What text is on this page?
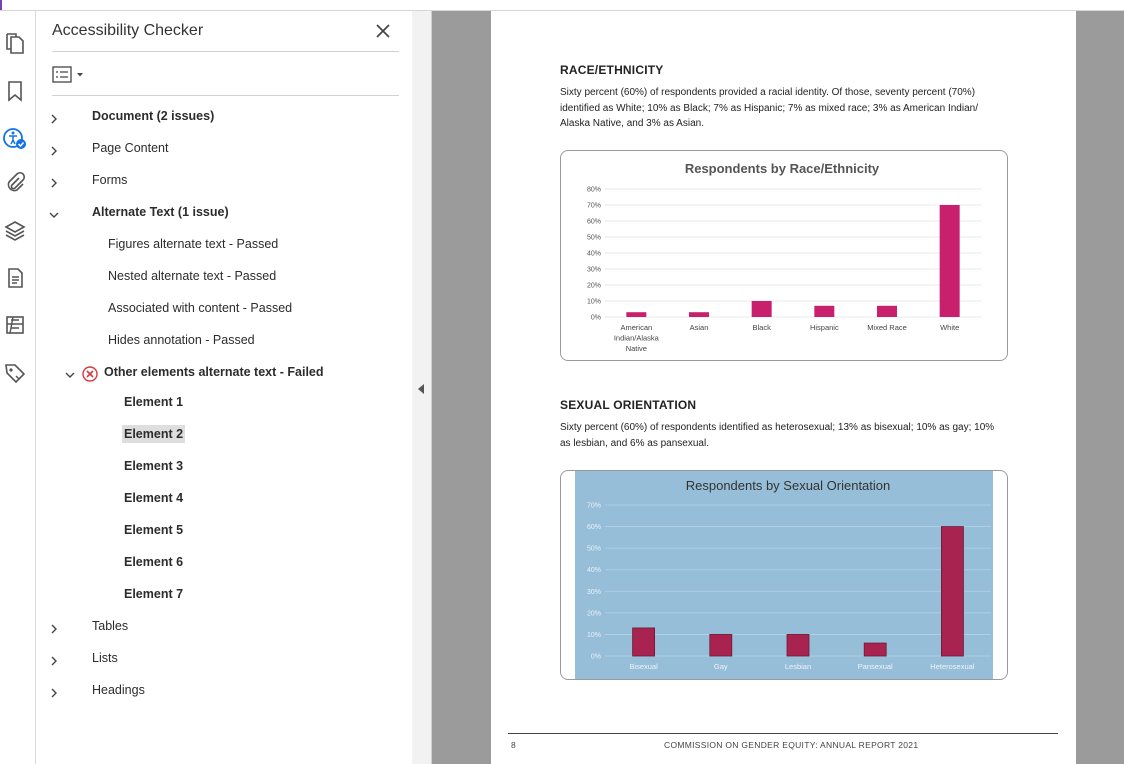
Accessibility Checker
Document (2 issues)
Page Content
Forms
Alternate Text (1 issue)
Figures alternate text - Passed
Nested alternate text - Passed
Associated with content - Passed
Hides annotation - Passed
Other elements alternate text - Failed
Element 1
Element 2
Element 3
Element 4
Element 5
Element 6
Element 7
Tables
Lists
Headings
RACE/ETHNICITY
Sixty percent (60%) of respondents provided a racial identity. Of those, seventy percent (70%) identified as White; 10% as Black; 7% as Hispanic; 7% as mixed race; 3% as American Indian/ Alaska Native, and 3% as Asian.
Respondents by Race/Ethnicity
0%
10%
20%
30%
40%
50%
60%
70%
80%
American
Indian/Alaska
Native
Asian	Black	Hispanic	Mixed Race	White
SEXUAL ORIENTATION
Sixty percent (60%) of respondents identified as heterosexual; 13% as bisexual; 10% as gay; 10% as lesbian, and 6% as pansexual.
Respondents by Sexual Orientation
0%
10%
20%
30%
40%
50%
60%
70%
Bisexual	Gay	Lesbian	Pansexual	Heterosexual
8	COMMISSION ON GENDER EQUITY: ANNUAL REPORT 2021
